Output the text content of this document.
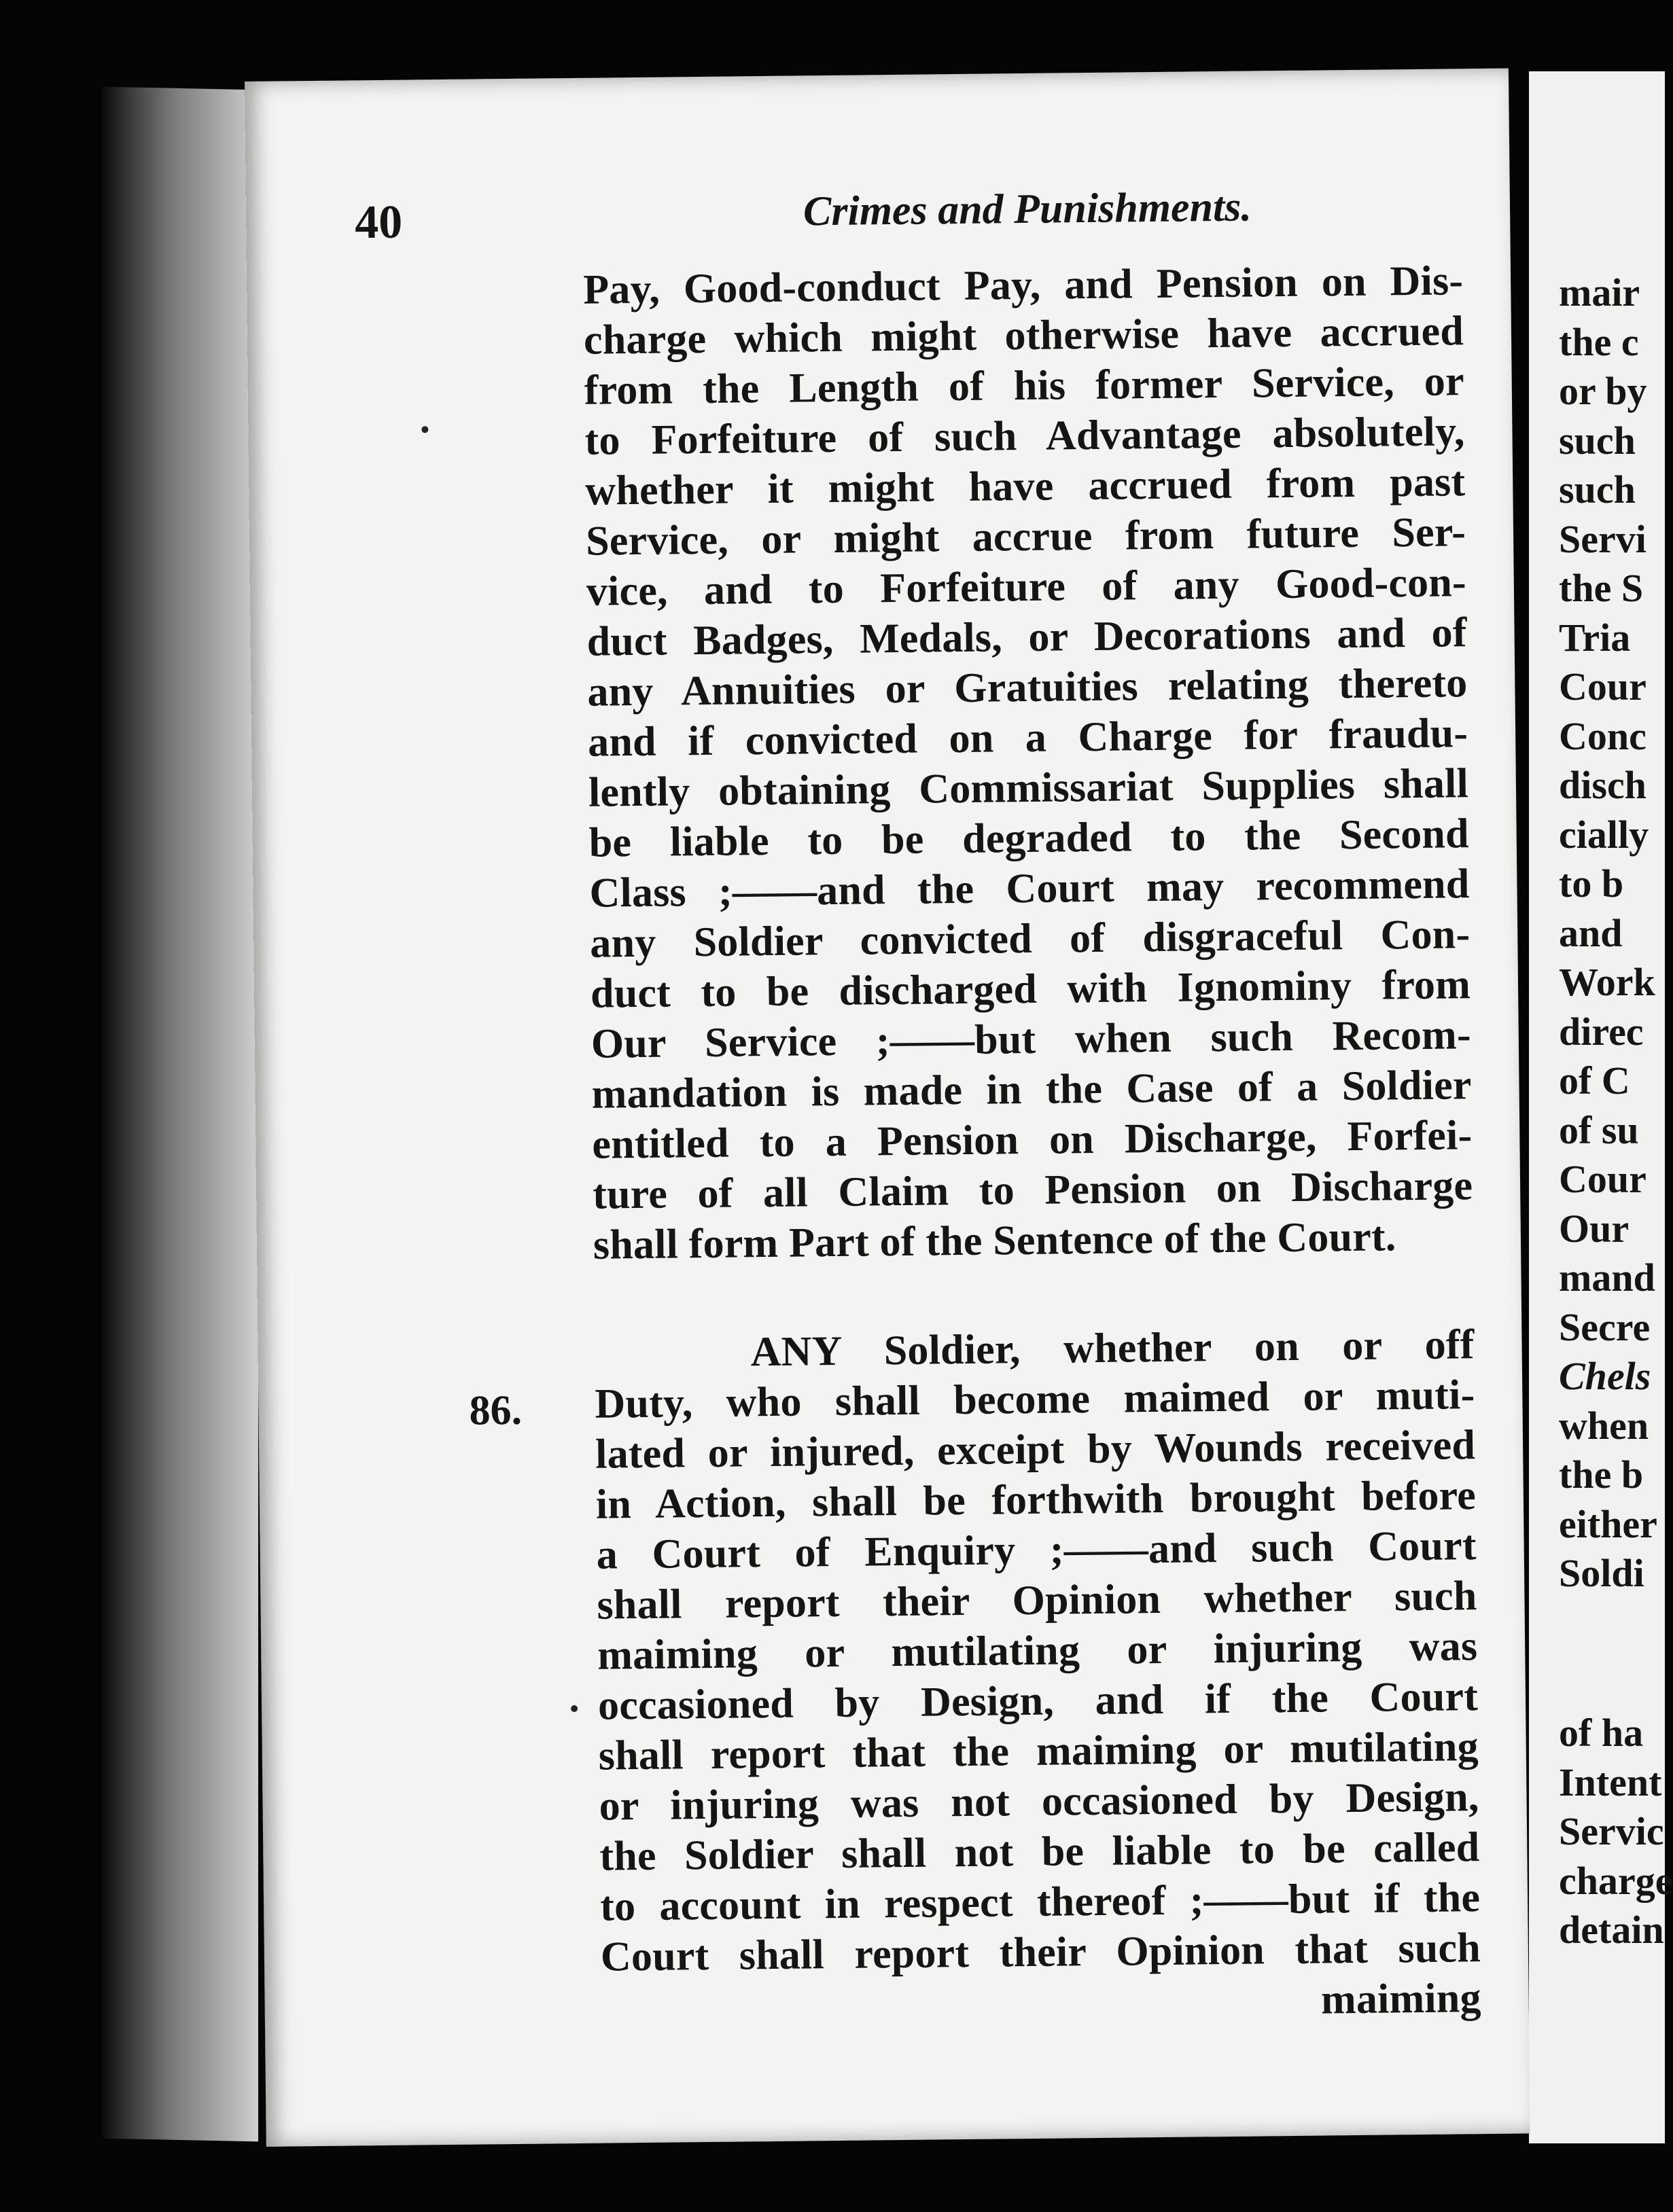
mair
the c
or by
such
such
Servi
the S
Tria
Cour
Conc
disch
cially
to b
and
Work
direc
of C
of su
Cour
Our
mand
Secre
Chels
when
the b
either
Soldi
of ha
Intent
Servic
charge
detain
40	Crimes and Punishments.
Pay, Good-conduct Pay, and Pension on Dis-
charge which might otherwise have accrued
from the Length of his former Service, or
to Forfeiture of such Advantage absolutely,
whether it might have accrued from past
Service, or might accrue from future Ser-
vice, and to Forfeiture of any Good-con-
duct Badges, Medals, or Decorations and of
any Annuities or Gratuities relating thereto
and if convicted on a Charge for fraudu-
lently obtaining Commissariat Supplies shall
be liable to be degraded to the Second
Class ;——and the Court may recommend
any Soldier convicted of disgraceful Con-
duct to be discharged with Ignominy from
Our Service ;——but when such Recom-
mandation is made in the Case of a Soldier
entitled to a Pension on Discharge, Forfei-
ture of all Claim to Pension on Discharge
shall form Part of the Sentence of the Court.
ANY Soldier, whether on or off
Duty, who shall become maimed or muti-
lated or injured, exceipt by Wounds received
in Action, shall be forthwith brought before
a Court of Enquiry ;——and such Court
shall report their Opinion whether such
maiming or mutilating or injuring was
occasioned by Design, and if the Court
shall report that the maiming or mutilating
or injuring was not occasioned by Design,
the Soldier shall not be liable to be called
to account in respect thereof ;——but if the
Court shall report their Opinion that such
maiming
86.
